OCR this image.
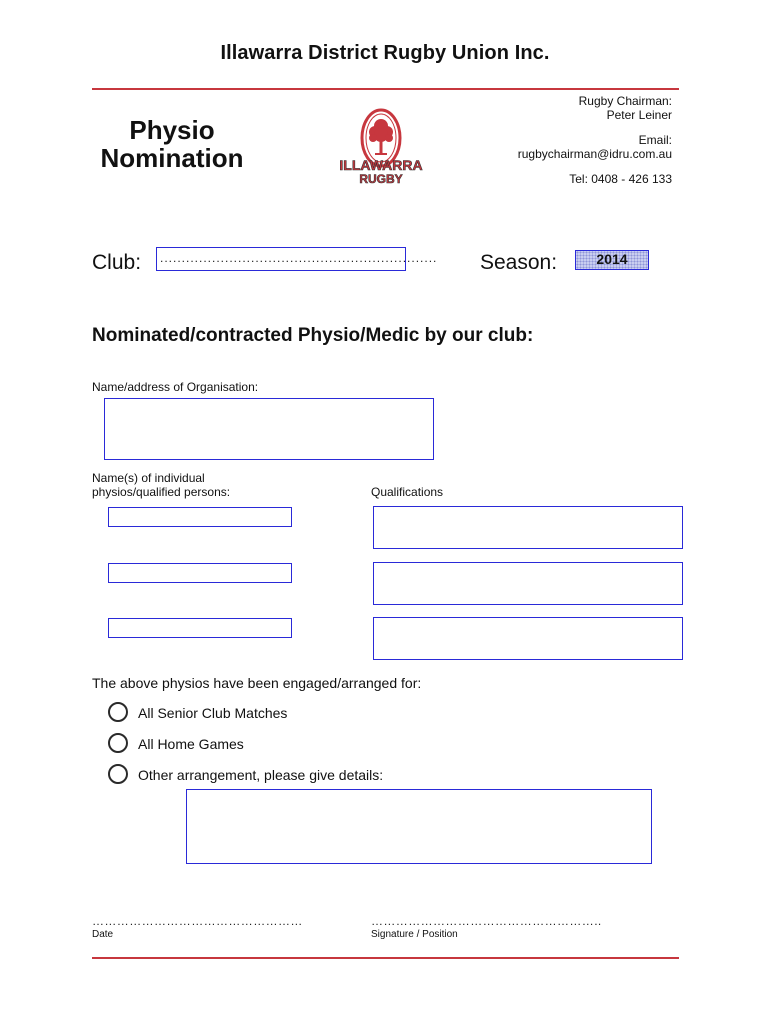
Illawarra District Rugby Union Inc.
Physio
Nomination	ILLAWARRA
RUGBY
Rugby Chairman:
Peter Leiner
Email:
rugbychairman@idru.com.au
Tel: 0408 - 426 133
Club: ................................................................ Season:	2014
Nominated/contracted Physio/Medic by our club:
Name/address of Organisation:
Name(s) of individual
physios/qualified persons:	Qualifications
The above physios have been engaged/arranged for:
All Senior Club Matches
All Home Games
Other arrangement, please give details:
……………………………………………	………………………………………………..
Date	Signature / Position
